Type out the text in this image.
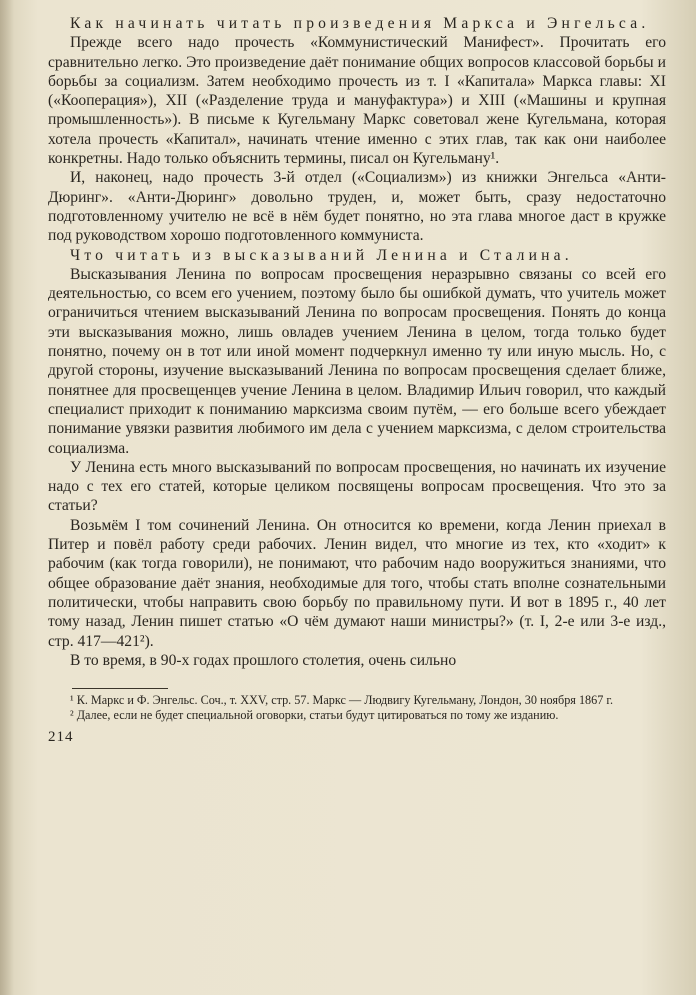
Как начинать читать произведения Маркса и Энгельса.

Прежде всего надо прочесть «Коммунистический Манифест». Прочитать его сравнительно легко. Это произведение даёт понимание общих вопросов классовой борьбы и борьбы за социализм. Затем необходимо прочесть из т. I «Капитала» Маркса главы: XI («Кооперация»), XII («Разделение труда и мануфактура») и XIII («Машины и крупная промышленность»). В письме к Кугельману Маркс советовал жене Кугельмана, которая хотела прочесть «Капитал», начинать чтение именно с этих глав, так как они наиболее конкретны. Надо только объяснить термины, писал он Кугельману¹.

И, наконец, надо прочесть 3-й отдел («Социализм») из книжки Энгельса «Анти-Дюринг». «Анти-Дюринг» довольно труден, и, может быть, сразу недостаточно подготовленному учителю не всё в нём будет понятно, но эта глава многое даст в кружке под руководством хорошо подготовленного коммуниста.

Что читать из высказываний Ленина и Сталина.

Высказывания Ленина по вопросам просвещения неразрывно связаны со всей его деятельностью, со всем его учением, поэтому было бы ошибкой думать, что учитель может ограничиться чтением высказываний Ленина по вопросам просвещения. Понять до конца эти высказывания можно, лишь овладев учением Ленина в целом, тогда только будет понятно, почему он в тот или иной момент подчеркнул именно ту или иную мысль. Но, с другой стороны, изучение высказываний Ленина по вопросам просвещения сделает ближе, понятнее для просвещенцев учение Ленина в целом. Владимир Ильич говорил, что каждый специалист приходит к пониманию марксизма своим путём, — его больше всего убеждает понимание увязки развития любимого им дела с учением марксизма, с делом строительства социализма.

У Ленина есть много высказываний по вопросам просвещения, но начинать их изучение надо с тех его статей, которые целиком посвящены вопросам просвещения. Что это за статьи?

Возьмём I том сочинений Ленина. Он относится ко времени, когда Ленин приехал в Питер и повёл работу среди рабочих. Ленин видел, что многие из тех, кто «ходит» к рабочим (как тогда говорили), не понимают, что рабочим надо вооружиться знаниями, что общее образование даёт знания, необходимые для того, чтобы стать вполне сознательными политически, чтобы направить свою борьбу по правильному пути. И вот в 1895 г., 40 лет тому назад, Ленин пишет статью «О чём думают наши министры?» (т. I, 2-е или 3-е изд., стр. 417—421²).

В то время, в 90-х годах прошлого столетия, очень сильно

¹ К. Маркс и Ф. Энгельс. Соч., т. XXV, стр. 57. Маркс — Людвигу Кугельману, Лондон, 30 ноября 1867 г.

² Далее, если не будет специальной оговорки, статьи будут цитироваться по тому же изданию.

214
